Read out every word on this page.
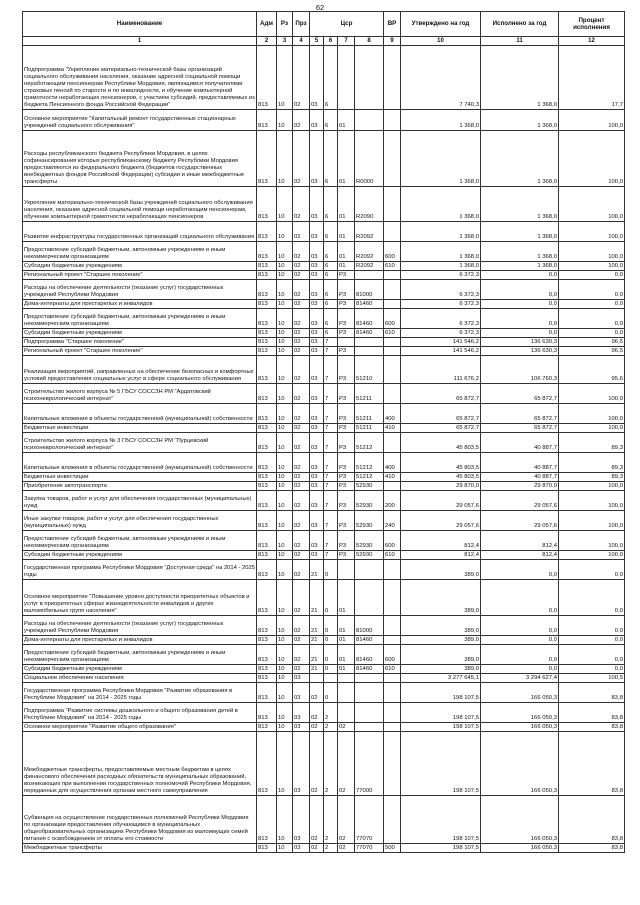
62
Наименование	Адм	Рз	Прз	Цср				ВР	Утверждено на год	Исполнено за год	Процент исполнения
1	2	3	4	5	6	7	8	9	10	11	12
Подпрограмма "Укрепление материально-технической базы организаций социального обслуживания населения, оказание адресной социальной помощи неработающим пенсионерам Республики Мордовия, являющимся получателями страховых пенсий по старости и по инвалидности, и обучение компьютерной грамотности неработающих пенсионеров, с участием субсидий, предоставляемых из бюджета Пенсионного фонда Российской Федерации"	813	10	02	03	6				7 740,3	1 368,0	17,7
Основное мероприятие "Капитальный ремонт государственных стационарных учреждений социального обслуживания"	813	10	02	03	6	01			1 368,0	1 368,0	100,0
Расходы республиканского бюджета Республики Мордовия, в целях софинансирования которых республиканскому бюджету Республики Мордовия предоставляются из федерального бюджета (бюджетов государственных внебюджетных фондов Российской Федерации) субсидии и иные межбюджетные трансферты	813	10	02	03	6	01	R0000		1 368,0	1 368,0	100,0
Укрепление материально-технической базы учреждений социального обслуживания населения, оказание адресной социальной помощи неработающим пенсионерам, обучение компьютерной грамотности неработающих пенсионеров	813	10	02	03	6	01	R2090		1 368,0	1 368,0	100,0
Развитие инфраструктуры государственных организаций социального обслуживания	813	10	02	03	6	01	R2092		1 368,0	1 368,0	100,0
Предоставление субсидий бюджетным, автономным учреждениям и иным некоммерческим организациям	813	10	02	03	6	01	R2092	600	1 368,0	1 368,0	100,0
Субсидии бюджетным учреждениям	813	10	02	03	6	01	R2092	610	1 368,0	1 368,0	100,0
Региональный проект "Старшее поколение"	813	10	02	03	6	P3			6 372,3	0,0	0,0
Расходы на обеспечение деятельности (оказание услуг) государственных учреждений Республики Мордовия	813	10	02	03	6	P3	81000		6 372,3	0,0	0,0
Дома-интернаты для престарелых и инвалидов	813	10	02	03	6	P3	81460		6 372,3	0,0	0,0
Предоставление субсидий бюджетным, автономным учреждениям и иным некоммерческим организациям	813	10	02	03	6	P3	81460	600	6 372,3	0,0	0,0
Субсидии бюджетным учреждениям	813	10	02	03	6	P3	81460	610	6 372,3	0,0	0,0
Подпрограмма "Старшее поколение"	813	10	02	03	7				141 546,2	136 630,3	96,5
Региональный проект "Старшее поколение"	813	10	02	03	7	P3			141 546,2	136 630,3	96,5
Реализация мероприятий, направленных на обеспечение безопасных и комфортных условий предоставления социальных услуг в сфере социального обслуживания	813	10	02	03	7	P3	51210		111 676,2	106 760,3	95,6
Строительство жилого корпуса № 5 ГБСУ СОССЗН РМ "Ардатовский психоневрологический интернат"	813	10	02	03	7	P3	51211		65 872,7	65 872,7	100,0
Капитальные вложения в объекты государственной (муниципальной) собственности	813	10	02	03	7	P3	51211	400	65 872,7	65 872,7	100,0
Бюджетные инвестиции	813	10	02	03	7	P3	51211	410	65 872,7	65 872,7	100,0
Строительство жилого корпуса № 3 ГБСУ СОССЗН РМ "Пурцевский психоневрологический интернат"	813	10	02	03	7	P3	51212		45 803,5	40 887,7	89,3
Капитальные вложения в объекты государственной (муниципальной) собственности	813	10	02	03	7	P3	51212	400	45 803,5	40 887,7	89,3
Бюджетные инвестиции	813	10	02	03	7	P3	51212	410	45 803,5	40 887,7	89,3
Приобретение автотранспорта	813	10	02	03	7	P3	52930		29 870,0	29 870,0	100,0
Закупка товаров, работ и услуг для обеспечения государственных (муниципальных) нужд	813	10	02	03	7	P3	52930	200	29 057,6	29 057,6	100,0
Иные закупки товаров, работ и услуг для обеспечения государственных (муниципальных) нужд	813	10	02	03	7	P3	52930	240	29 057,6	29 057,6	100,0
Предоставление субсидий бюджетным, автономным учреждениям и иным некоммерческим организациям	813	10	02	03	7	P3	52930	600	812,4	812,4	100,0
Субсидии бюджетным учреждениям	813	10	02	03	7	P3	52930	610	812,4	812,4	100,0
Государственная программа Республики Мордовия "Доступная среда" на 2014 - 2025 годы	813	10	02	21	0				389,0	0,0	0,0
Основное мероприятие "Повышение уровня доступности приоритетных объектов и услуг в приоритетных сферах жизнедеятельности инвалидов и других маломобильных групп населения"	813	10	02	21	0	01			389,0	0,0	0,0
Расходы на обеспечение деятельности (оказание услуг) государственных учреждений Республики Мордовия	813	10	02	21	0	01	81000		389,0	0,0	0,0
Дома-интернаты для престарелых и инвалидов	813	10	02	21	0	01	81460		389,0	0,0	0,0
Предоставление субсидий бюджетным, автономным учреждениям и иным некоммерческим организациям	813	10	02	21	0	01	81460	600	389,0	0,0	0,0
Субсидии бюджетным учреждениям	813	10	02	21	0	01	81460	610	389,0	0,0	0,0
Социальное обеспечение населения	813	10	03						3 277 645,1	3 294 627,4	100,5
Государственная программа Республики Мордовия "Развитие образования в Республике Мордовия" на 2014 - 2025 годы	813	10	03	02	0				198 107,5	166 050,3	83,8
Подпрограмма "Развитие системы дошкольного и общего образования детей в Республике Мордовия" на 2014 - 2025 годы	813	10	03	02	2				198 107,5	166 050,3	83,8
Основное мероприятие "Развитие общего образования"	813	10	03	02	2	02			198 107,5	166 050,3	83,8
Межбюджетные трансферты, предоставляемые местным бюджетам в целях финансового обеспечения расходных обязательств муниципальных образований, возникающих при выполнении государственных полномочий Республики Мордовия, переданных для осуществления органам местного самоуправления	813	10	03	02	2	02	77000		198 107,5	166 050,3	83,8
Субвенция на осуществление государственных полномочий Республики Мордовия по организации предоставления обучающимся в муниципальных общеобразовательных организациях Республики Мордовия из малоимущих семей питания с освобождением от оплаты его стоимости	813	10	03	02	2	02	77070		198 107,5	166 050,3	83,8
Межбюджетные трансферты	813	10	03	02	2	02	77070	500	198 107,5	166 050,3	83,8
